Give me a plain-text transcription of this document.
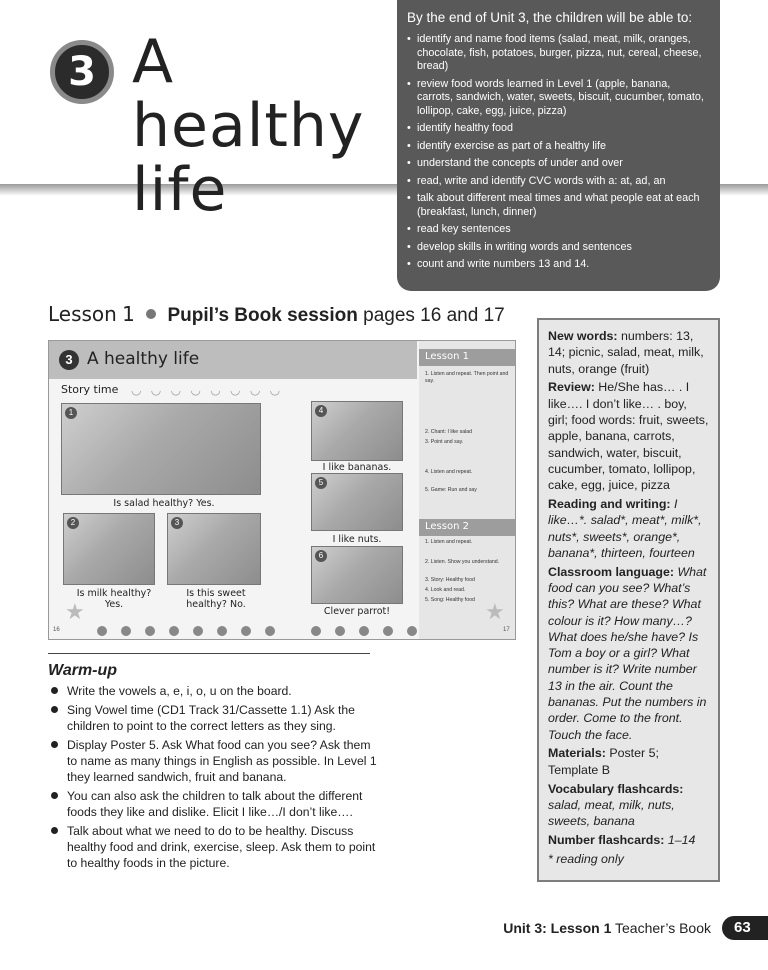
3 A healthy life
By the end of Unit 3, the children will be able to:
• identify and name food items (salad, meat, milk, oranges, chocolate, fish, potatoes, burger, pizza, nut, cereal, cheese, bread)
• review food words learned in Level 1 (apple, banana, carrots, sandwich, water, sweets, biscuit, cucumber, tomato, lollipop, cake, egg, juice, pizza)
• identify healthy food
• identify exercise as part of a healthy life
• understand the concepts of under and over
• read, write and identify CVC words with a: at, ad, an
• talk about different meal times and what people eat at each (breakfast, lunch, dinner)
• read key sentences
• develop skills in writing words and sentences
• count and write numbers 13 and 14.
Lesson 1 Pupil’s Book session pages 16 and 17
3 A healthy life
Story time ◡ ◡ ◡ ◡ ◡ ◡ ◡ ◡
1
Is salad healthy? Yes.
2	3
Is milk healthy? Yes.
Is this sweet healthy? No.
4
I like bananas.
5
I like nuts.
6
Clever parrot!
Lesson 1
1. Listen and repeat. Then point and say.
2. Chant: I like salad
3. Point and say.
4. Listen and repeat.
5. Game: Run and say
Lesson 2
1. Listen and repeat.
2. Listen. Show you understand.
3. Story: Healthy food
4. Look and read.
5. Song: Healthy food
16	17
★	★
Warm-up
Write the vowels a, e, i, o, u on the board.
Sing Vowel time (CD1 Track 31/Cassette 1.1) Ask the children to point to the correct letters as they sing.
Display Poster 5. Ask What food can you see? Ask them to name as many things in English as possible. In Level 1 they learned sandwich, fruit and banana.
You can also ask the children to talk about the different foods they like and dislike. Elicit I like…/I don’t like….
Talk about what we need to do to be healthy. Discuss healthy food and drink, exercise, sleep. Ask them to point to healthy foods in the picture.

New words: numbers: 13, 14; picnic, salad, meat, milk, nuts, orange (fruit)

Review: He/She has… . I like…. I don’t like… . boy, girl; food words: fruit, sweets, apple, banana, carrots, sandwich, water, biscuit, cucumber, tomato, lollipop, cake, egg, juice, pizza

Reading and writing: I like…*. salad*, meat*, milk*, nuts*, sweets*, orange*, banana*, thirteen, fourteen

Classroom language: What food can you see? What’s this? What are these? What colour is it? How many…? What does he/she have? Is Tom a boy or a girl? What number is it? Write number 13 in the air. Count the bananas. Put the numbers in order. Come to the front. Touch the face.

Materials: Poster 5; Template B

Vocabulary flashcards: salad, meat, milk, nuts, sweets, banana

Number flashcards: 1–14

* reading only

Unit 3: Lesson 1 Teacher’s Book	63
